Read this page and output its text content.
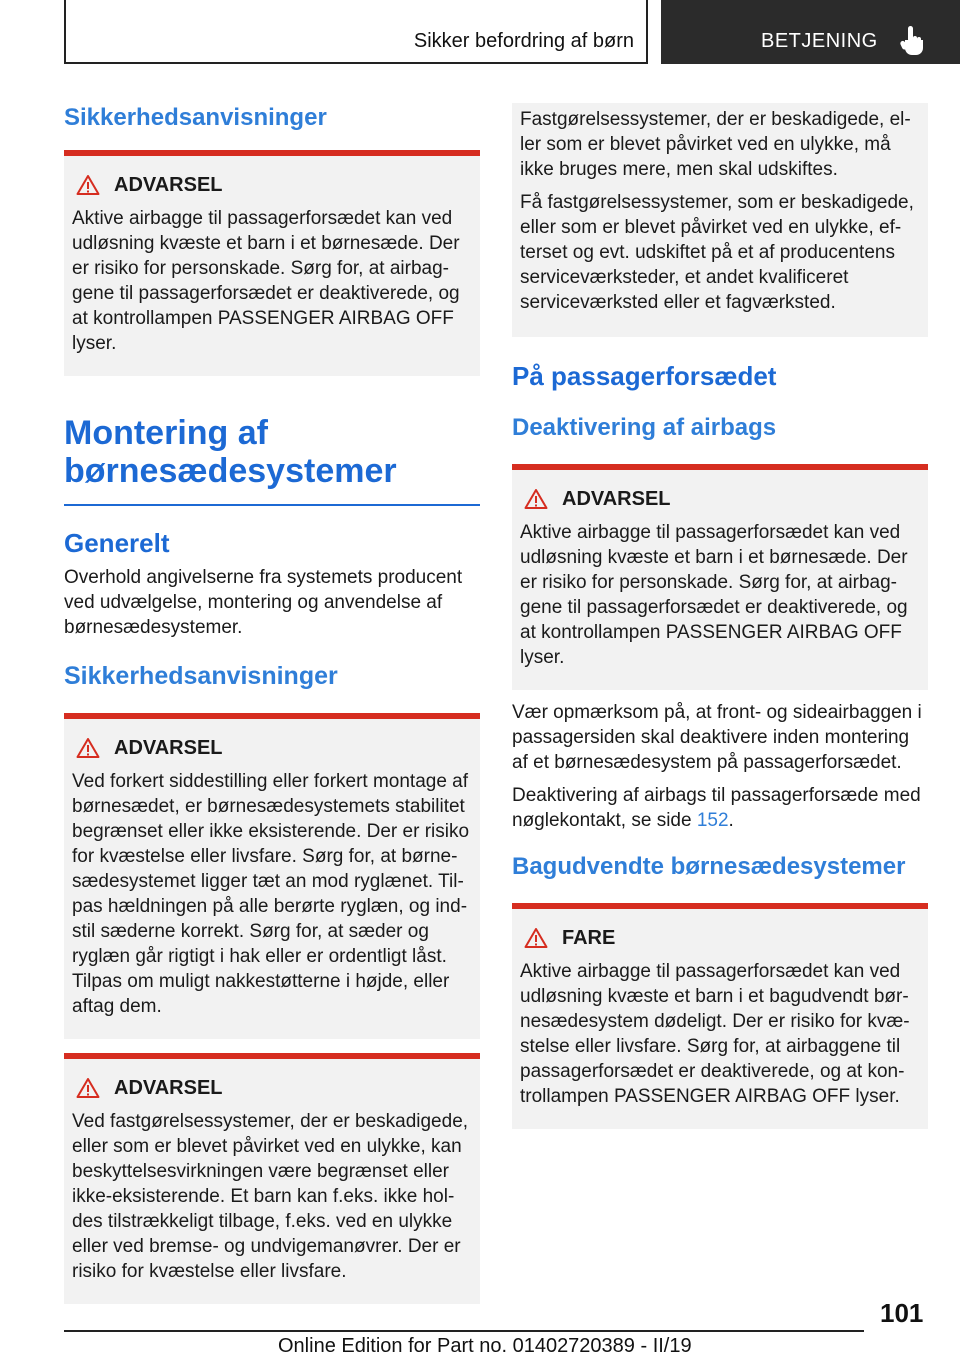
Sikker befordring af børn	BETJENING
Sikkerhedsanvisninger
ADVARSEL

Aktive airbagge til passagerforsædet kan ved udløsning kvæste et barn i et børnesæde. Der er risiko for personskade. Sørg for, at airbaggene til passagerforsædet er deaktiverede, og at kontrollampen PASSENGER AIRBAG OFF lyser.

Montering af
børnesædesystemer
Generelt

Overhold angivelserne fra systemets producent ved udvælgelse, montering og anvendelse af børnesædesystemer.

Sikkerhedsanvisninger
ADVARSEL

Ved forkert siddestilling eller forkert montage af børnesædet, er børnesædesystemets stabilitet begrænset eller ikke eksisterende. Der er risiko for kvæstelse eller livsfare. Sørg for, at børnesædesystemet ligger tæt an mod ryglænet. Tilpas hældningen på alle berørte ryglæn, og indstil sæderne korrekt. Sørg for, at sæder og ryglæn går rigtigt i hak eller er ordentligt låst. Tilpas om muligt nakkestøtterne i højde, eller aftag dem.

ADVARSEL

Ved fastgørelsessystemer, der er beskadigede, eller som er blevet påvirket ved en ulykke, kan beskyttelsesvirkningen være begrænset eller ikke-eksisterende. Et barn kan f.eks. ikke holdes tilstrækkeligt tilbage, f.eks. ved en ulykke eller ved bremse- og undvigemanøvrer. Der er risiko for kvæstelse eller livsfare.

Fastgørelsessystemer, der er beskadigede, eller som er blevet påvirket ved en ulykke, må ikke bruges mere, men skal udskiftes.

Få fastgørelsessystemer, som er beskadigede, eller som er blevet påvirket ved en ulykke, efterset og evt. udskiftet på et af producentens serviceværksteder, et andet kvalificeret serviceværksted eller et fagværksted.

På passagerforsædet
Deaktivering af airbags
ADVARSEL

Aktive airbagge til passagerforsædet kan ved udløsning kvæste et barn i et børnesæde. Der er risiko for personskade. Sørg for, at airbaggene til passagerforsædet er deaktiverede, og at kontrollampen PASSENGER AIRBAG OFF lyser.

Vær opmærksom på, at front- og sideairbaggen i passagersiden skal deaktivere inden montering af et børnesædesystem på passagerforsædet.

Deaktivering af airbags til passagerforsæde med nøglekontakt, se side 152.

Bagudvendte børnesædesystemer
FARE

Aktive airbagge til passagerforsædet kan ved udløsning kvæste et barn i et bagudvendt børnesædesystem dødeligt. Der er risiko for kvæstelse eller livsfare. Sørg for, at airbaggene til passagerforsædet er deaktiverede, og at kontrollampen PASSENGER AIRBAG OFF lyser.

101
Online Edition for Part no. 01402720389 - II/19
